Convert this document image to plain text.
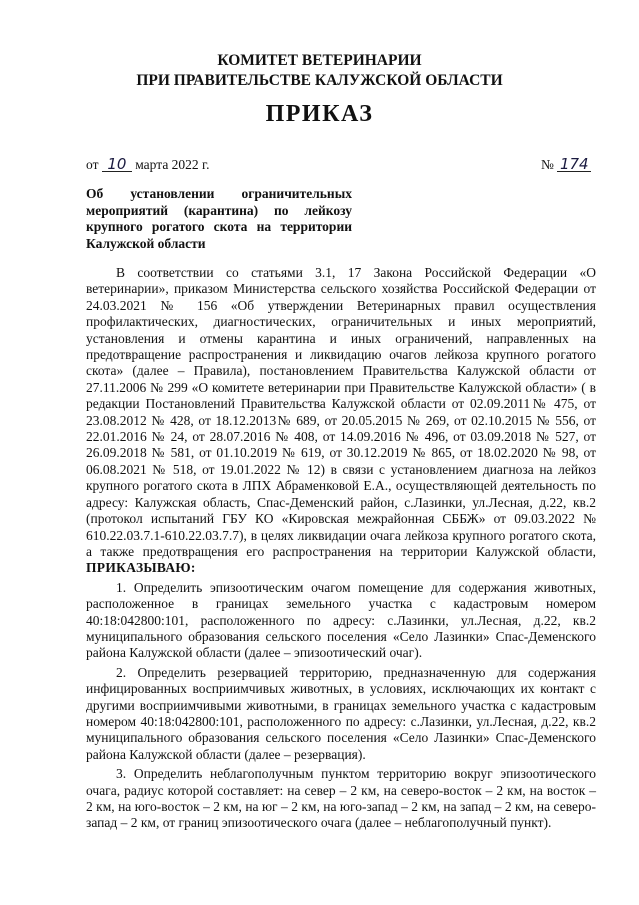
КОМИТЕТ ВЕТЕРИНАРИИ
ПРИ ПРАВИТЕЛЬСТВЕ КАЛУЖСКОЙ ОБЛАСТИ
ПРИКАЗ
от 10 марта 2022 г.	№ 174
Об установлении ограничительных
мероприятий (карантина) по лейкозу
крупного рогатого скота на территории
Калужской области

В соответствии со статьями 3.1, 17 Закона Российской Федерации «О ветеринарии», приказом Министерства сельского хозяйства Российской Федерации от 24.03.2021 № 156 «Об утверждении Ветеринарных правил осуществления профилактических, диагностических, ограничительных и иных мероприятий, установления и отмены карантина и иных ограничений, направленных на предотвращение распространения и ликвидацию очагов лейкоза крупного рогатого скота» (далее – Правила), постановлением Правительства Калужской области от 27.11.2006 № 299 «О комитете ветеринарии при Правительстве Калужской области» ( в редакции Постановлений Правительства Калужской области от 02.09.2011№ 475, от 23.08.2012 № 428, от 18.12.2013№ 689, от 20.05.2015 № 269, от 02.10.2015 № 556, от 22.01.2016 № 24, от 28.07.2016 № 408, от 14.09.2016 № 496, от 03.09.2018 № 527, от 26.09.2018 № 581, от 01.10.2019 № 619, от 30.12.2019 № 865, от 18.02.2020 № 98, от 06.08.2021 № 518, от 19.01.2022 № 12) в связи с установлением диагноза на лейкоз крупного рогатого скота в ЛПХ Абраменковой Е.А., осуществляющей деятельность по адресу: Калужская область, Спас-Деменский район, с.Лазинки, ул.Лесная, д.22, кв.2 (протокол испытаний ГБУ КО «Кировская межрайонная СББЖ» от 09.03.2022 № 610.22.03.7.1-610.22.03.7.7), в целях ликвидации очага лейкоза крупного рогатого скота, а также предотвращения его распространения на территории Калужской области, ПРИКАЗЫВАЮ:

1. Определить эпизоотическим очагом помещение для содержания животных, расположенное в границах земельного участка с кадастровым номером 40:18:042800:101, расположенного по адресу: с.Лазинки, ул.Лесная, д.22, кв.2 муниципального образования сельского поселения «Село Лазинки» Спас-Деменского района Калужской области (далее – эпизоотический очаг).

2. Определить резервацией территорию, предназначенную для содержания инфицированных восприимчивых животных, в условиях, исключающих их контакт с другими восприимчивыми животными, в границах земельного участка с кадастровым номером 40:18:042800:101, расположенного по адресу: с.Лазинки, ул.Лесная, д.22, кв.2 муниципального образования сельского поселения «Село Лазинки» Спас-Деменского района Калужской области (далее – резервация).

3. Определить неблагополучным пунктом территорию вокруг эпизоотического очага, радиус которой составляет: на север – 2 км, на северо-восток – 2 км, на восток – 2 км, на юго-восток – 2 км, на юг – 2 км, на юго-запад – 2 км, на запад – 2 км, на северо-запад – 2 км, от границ эпизоотического очага (далее – неблагополучный пункт).
